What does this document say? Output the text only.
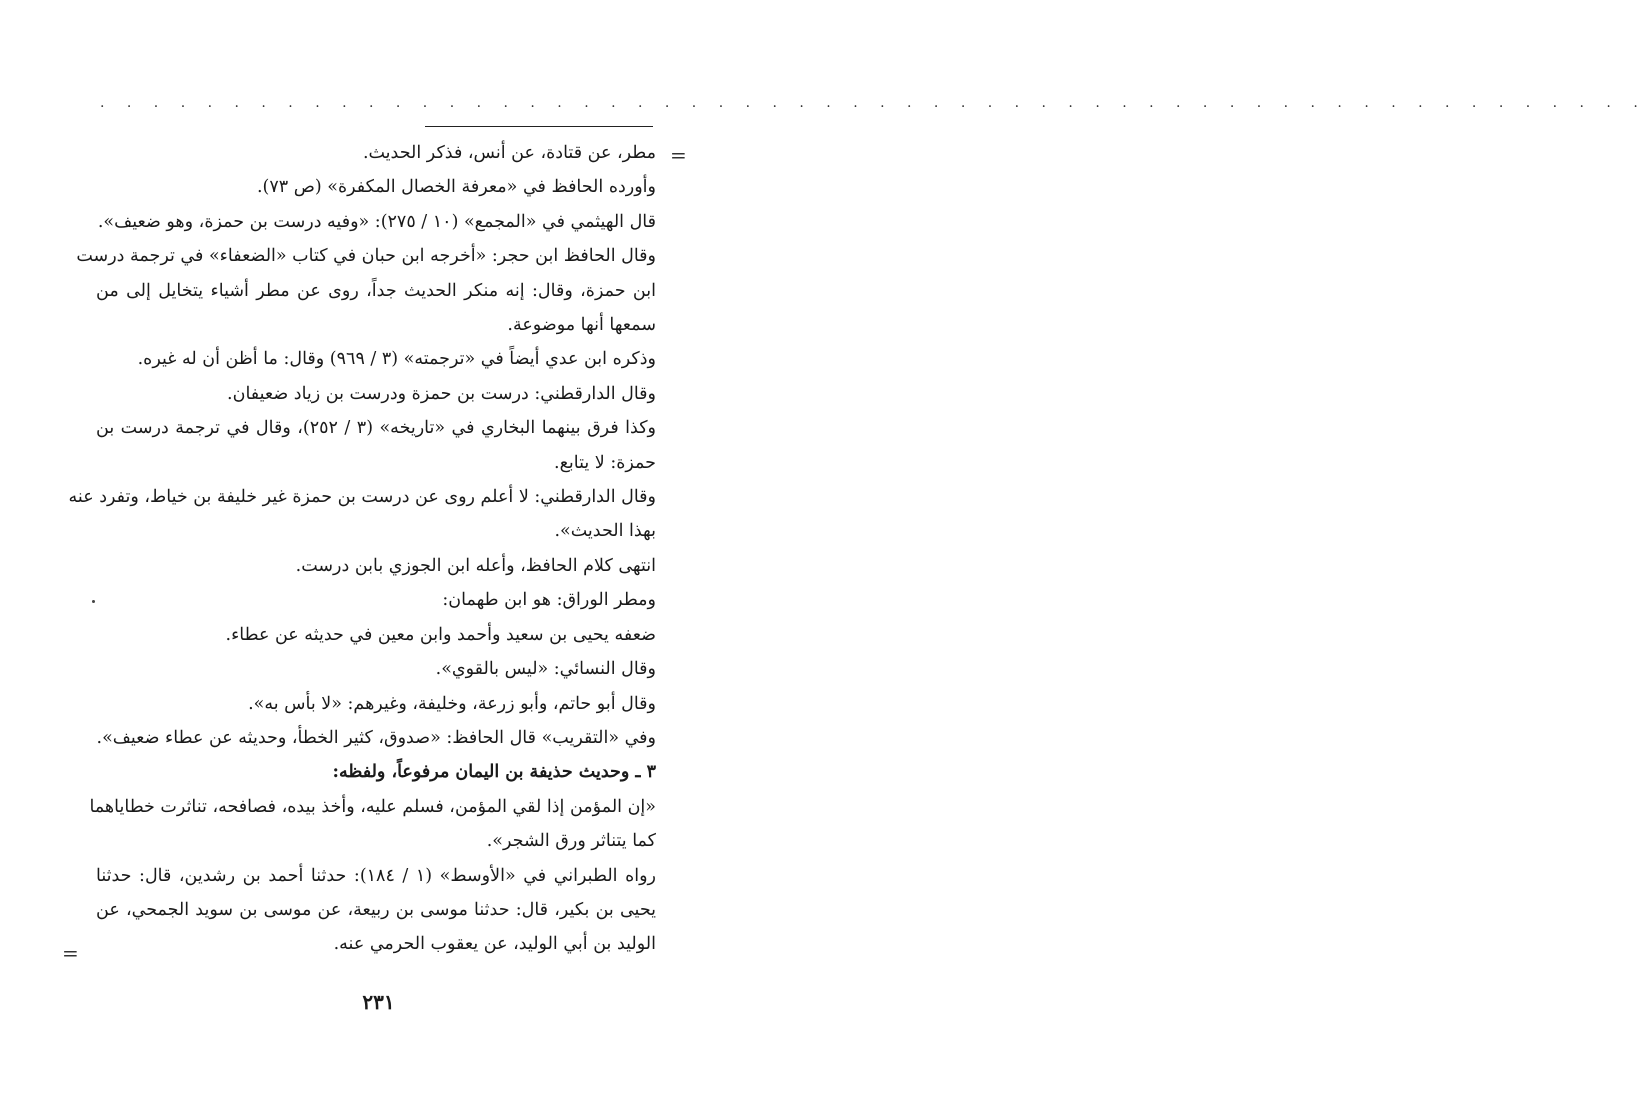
. . . . . . . . . . . . . . . . . . . . . . . . . . . . . . . . . . . . . . . . . . . . . . . . . . . . . . . . . .
=
=
مطر، عن قتادة، عن أنس، فذكر الحديث.
وأورده الحافظ في «معرفة الخصال المكفرة» (ص ٧٣).
قال الهيثمي في «المجمع» (١٠ / ٢٧٥): «وفيه درست بن حمزة، وهو ضعيف».
وقال الحافظ ابن حجر: «أخرجه ابن حبان في كتاب «الضعفاء» في ترجمة درست
ابن حمزة، وقال: إنه منكر الحديث جداً، روى عن مطر أشياء يتخايل إلى من
سمعها أنها موضوعة.
وذكره ابن عدي أيضاً في «ترجمته» (٣ / ٩٦٩) وقال: ما أظن أن له غيره.
وقال الدارقطني: درست بن حمزة ودرست بن زياد ضعيفان.
وكذا فرق بينهما البخاري في «تاريخه» (٣ / ٢٥٢)، وقال في ترجمة درست بن
حمزة: لا يتابع.
وقال الدارقطني: لا أعلم روى عن درست بن حمزة غير خليفة بن خياط، وتفرد عنه
بهذا الحديث».
انتهى كلام الحافظ، وأعله ابن الجوزي بابن درست.
ومطر الوراق: هو ابن طهمان:
ضعفه يحيى بن سعيد وأحمد وابن معين في حديثه عن عطاء.
وقال النسائي: «ليس بالقوي».
وقال أبو حاتم، وأبو زرعة، وخليفة، وغيرهم: «لا بأس به».
وفي «التقريب» قال الحافظ: «صدوق، كثير الخطأ، وحديثه عن عطاء ضعيف».
٣ ـ وحديث حذيفة بن اليمان مرفوعاً، ولفظه:
«إن المؤمن إذا لقي المؤمن، فسلم عليه، وأخذ بيده، فصافحه، تناثرت خطاياهما
كما يتناثر ورق الشجر».
رواه الطبراني في «الأوسط» (١ / ١٨٤): حدثنا أحمد بن رشدين، قال: حدثنا
يحيى بن بكير، قال: حدثنا موسى بن ربيعة، عن موسى بن سويد الجمحي، عن
الوليد بن أبي الوليد، عن يعقوب الحرمي عنه.
٢٣١
